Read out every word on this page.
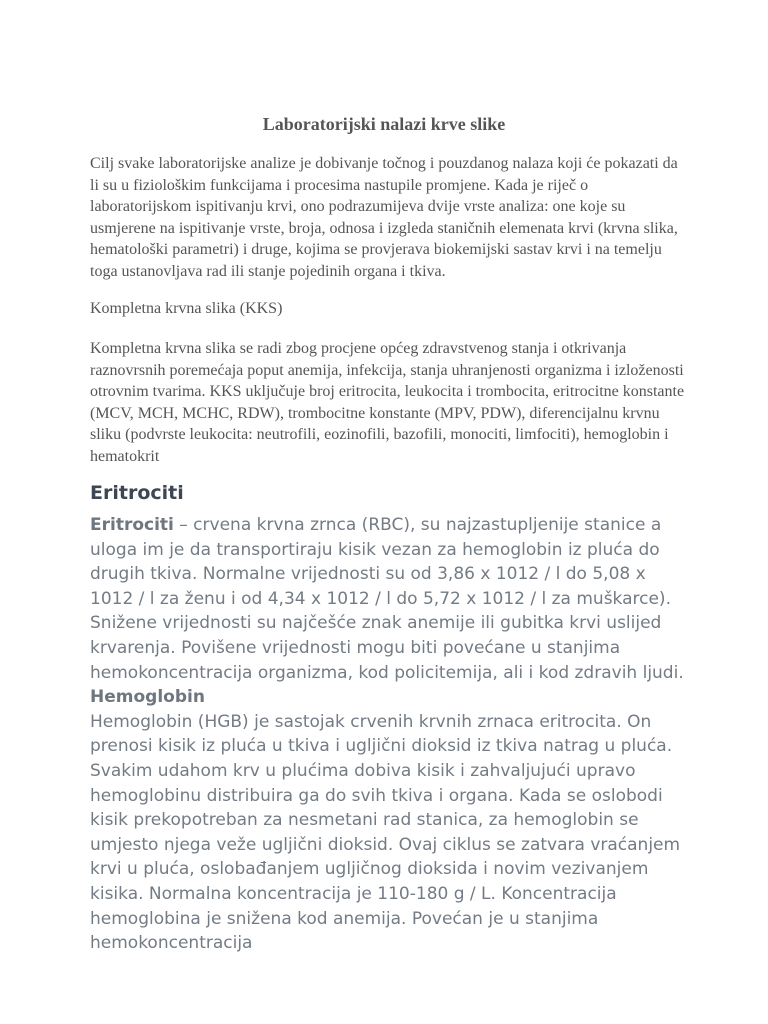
Laboratorijski nalazi krve slike

Cilj svake laboratorijske analize je dobivanje točnog i pouzdanog nalaza koji će pokazati da li su u fiziološkim funkcijama i procesima nastupile promjene. Kada je riječ o laboratorijskom ispitivanju krvi, ono podrazumijeva dvije vrste analiza: one koje su usmjerene na ispitivanje vrste, broja, odnosa i izgleda staničnih elemenata krvi (krvna slika, hematološki parametri) i druge, kojima se provjerava biokemijski sastav krvi i na temelju toga ustanovljava rad ili stanje pojedinih organa i tkiva.

Kompletna krvna slika (KKS)

Kompletna krvna slika se radi zbog procjene općeg zdravstvenog stanja i otkrivanja raznovrsnih poremećaja poput anemija, infekcija, stanja uhranjenosti organizma i izloženosti otrovnim tvarima. KKS uključuje broj eritrocita, leukocita i trombocita, eritrocitne konstante (MCV, MCH, MCHC, RDW), trombocitne konstante (MPV, PDW), diferencijalnu krvnu sliku (podvrste leukocita: neutrofili, eozinofili, bazofili, monociti, limfociti), hemoglobin i hematokrit

Eritrociti

Eritrociti – crvena krvna zrnca (RBC), su najzastupljenije stanice a uloga im je da transportiraju kisik vezan za hemoglobin iz pluća do drugih tkiva. Normalne vrijednosti su od 3,86 x 1012 / l do 5,08 x 1012 / l za ženu i od 4,34 x 1012 / l do 5,72 x 1012 / l za muškarce). Snižene vrijednosti su najčešće znak anemije ili gubitka krvi uslijed krvarenja. Povišene vrijednosti mogu biti povećane u stanjima hemokoncentracija organizma, kod policitemija, ali i kod zdravih ljudi.

Hemoglobin

Hemoglobin (HGB) je sastojak crvenih krvnih zrnaca eritrocita. On prenosi kisik iz pluća u tkiva i ugljični dioksid iz tkiva natrag u pluća. Svakim udahom krv u plućima dobiva kisik i zahvaljujući upravo hemoglobinu distribuira ga do svih tkiva i organa. Kada se oslobodi kisik prekopotreban za nesmetani rad stanica, za hemoglobin se umjesto njega veže ugljični dioksid. Ovaj ciklus se zatvara vraćanjem krvi u pluća, oslobađanjem ugljičnog dioksida i novim vezivanjem kisika. Normalna koncentracija je 110-180 g / L. Koncentracija hemoglobina je snižena kod anemija. Povećan je u stanjima hemokoncentracija
